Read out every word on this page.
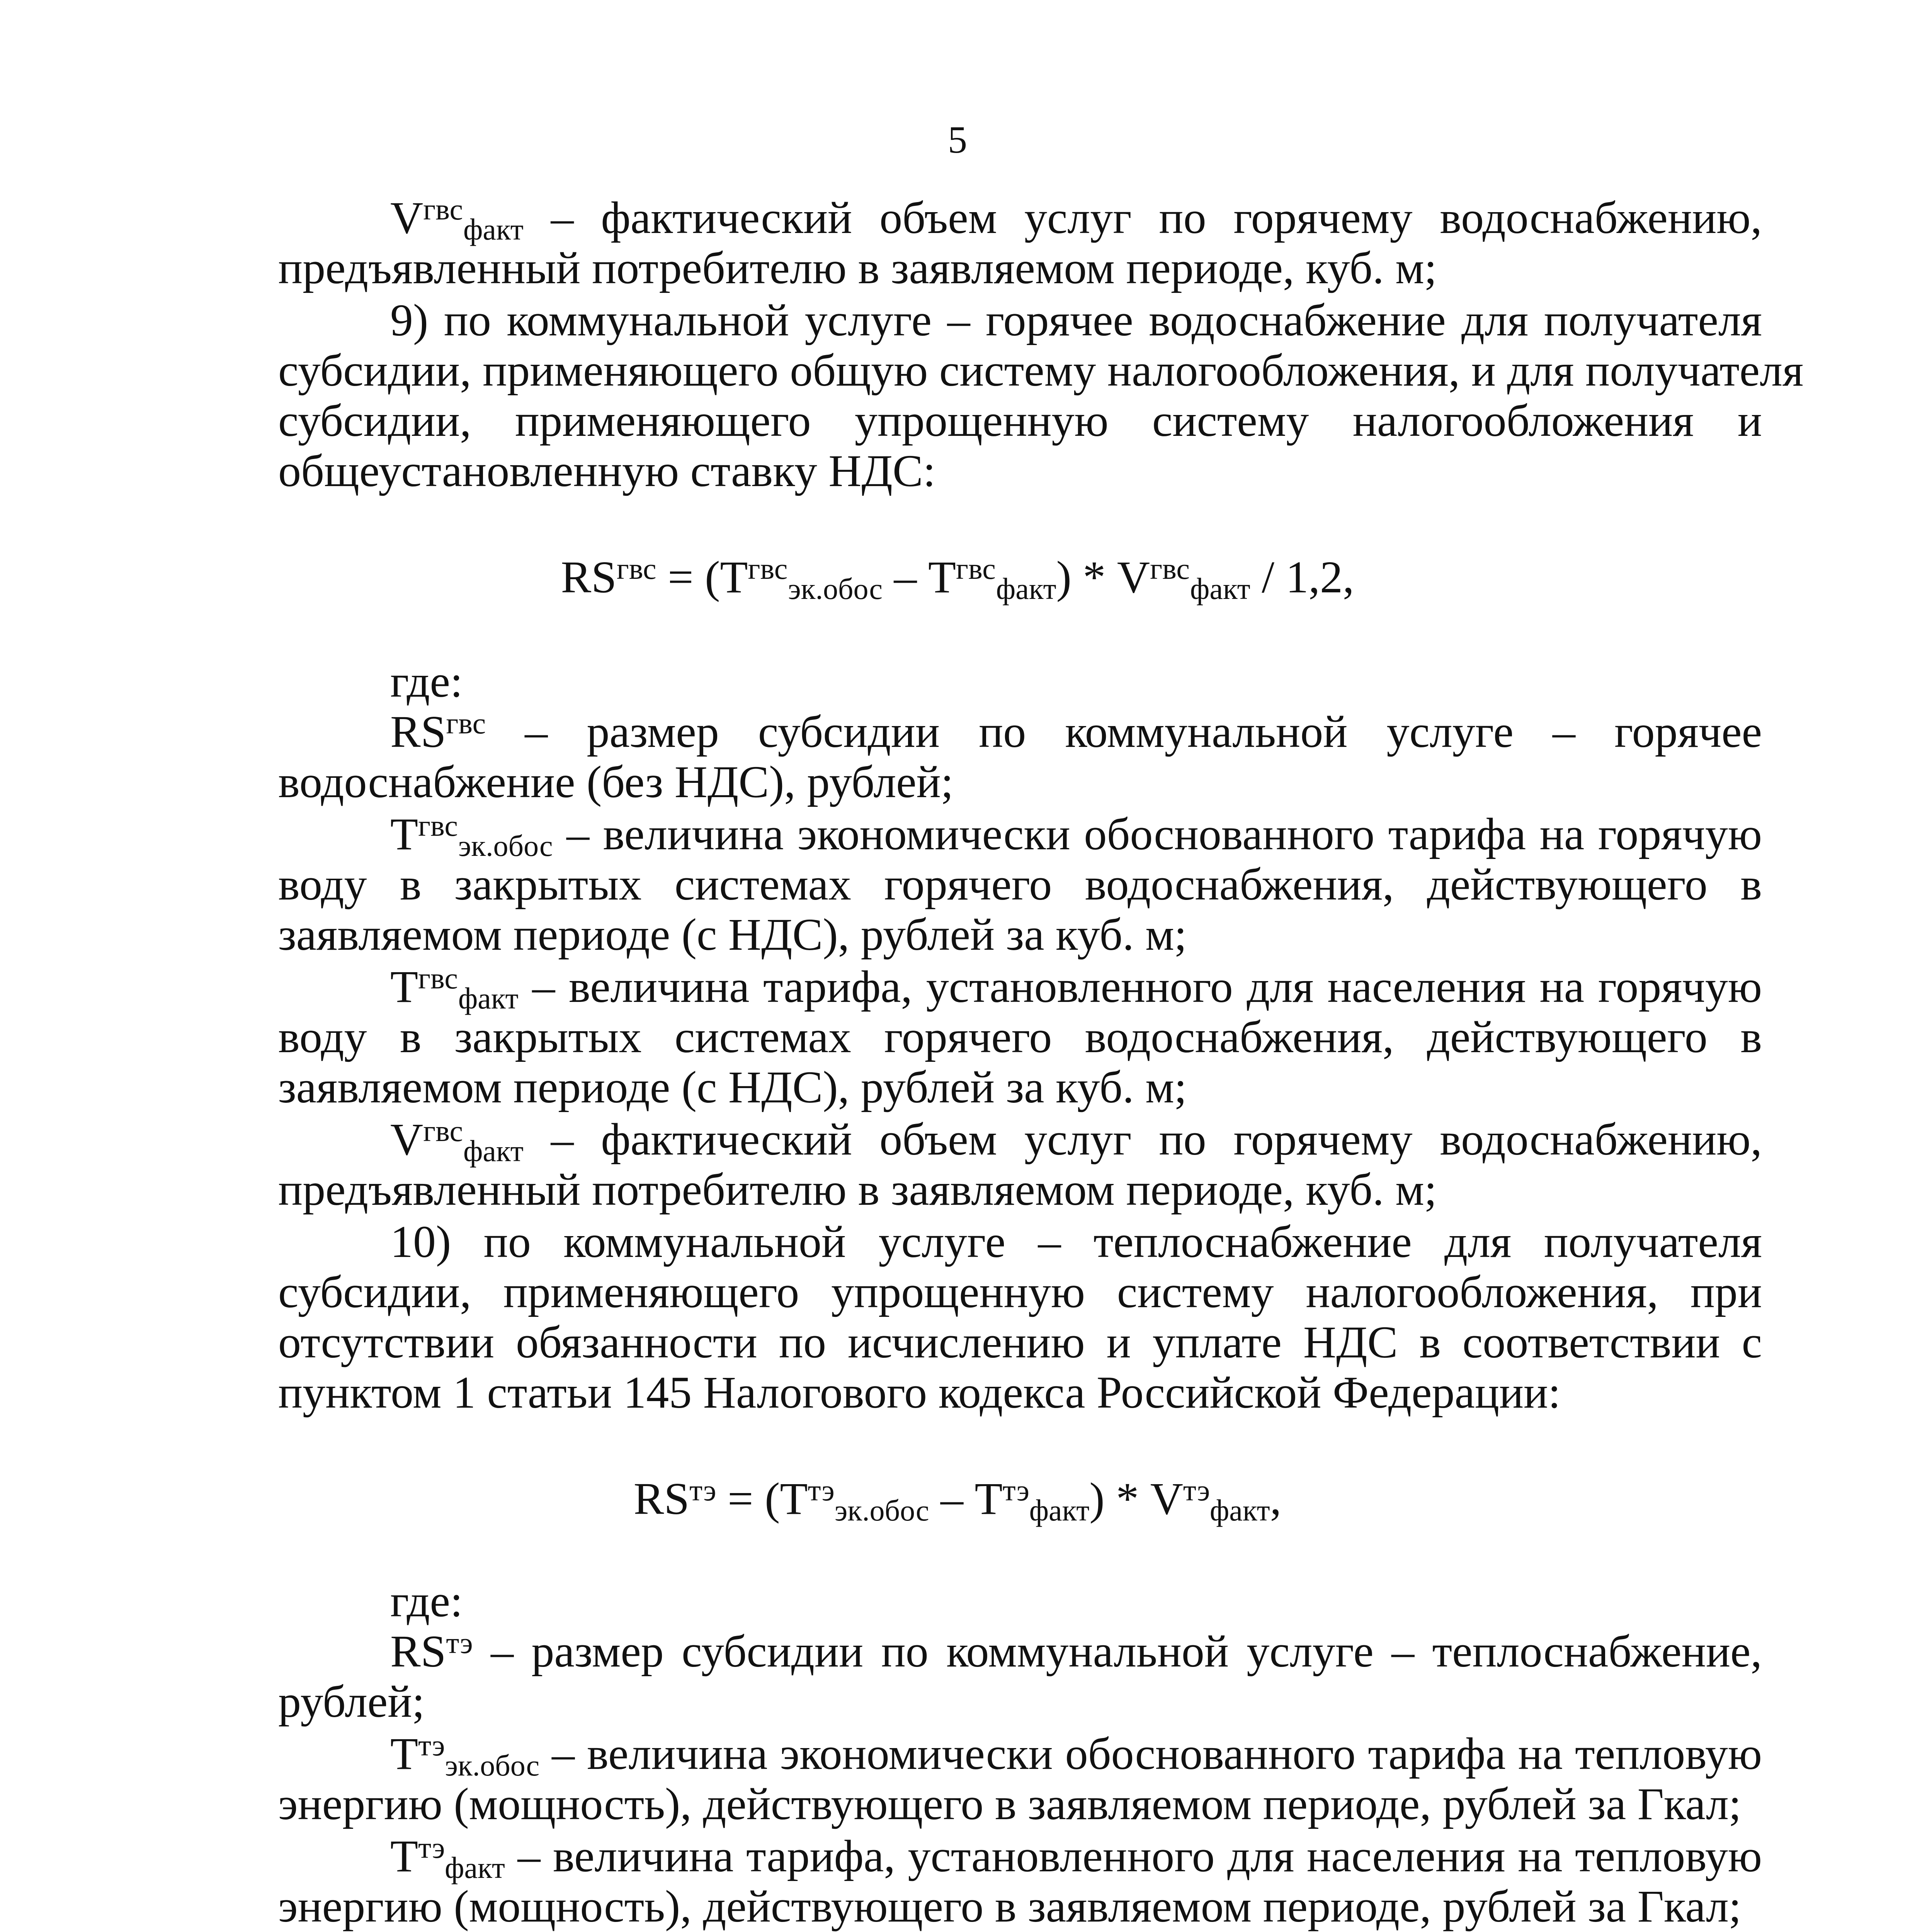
5
$V^{гвс}_{факт}$ – фактический объем услуг по горячему водоснабжению,
предъявленный потребителю в заявляемом периоде, куб. м;
9) по коммунальной услуге – горячее водоснабжение для получателя
субсидии, применяющего общую систему налогообложения, и для получателя
субсидии, применяющего упрощенную систему налогообложения и
общеустановленную ставку НДС:
$RS^{гвс} = (Т^{гвс}_{эк.обос} - Т^{гвс}_{факт}) * V^{гвс}_{факт} / 1,2$,
где:
$RS^{гвс}$ – размер субсидии по коммунальной услуге – горячее
водоснабжение (без НДС), рублей;
$Т^{гвс}_{эк.обос}$ – величина экономически обоснованного тарифа на горячую
воду в закрытых системах горячего водоснабжения, действующего в
заявляемом периоде (с НДС), рублей за куб. м;
$Т^{гвс}_{факт}$ – величина тарифа, установленного для населения на горячую
воду в закрытых системах горячего водоснабжения, действующего в
заявляемом периоде (с НДС), рублей за куб. м;
$V^{гвс}_{факт}$ – фактический объем услуг по горячему водоснабжению,
предъявленный потребителю в заявляемом периоде, куб. м;
10) по коммунальной услуге – теплоснабжение для получателя
субсидии, применяющего упрощенную систему налогообложения, при
отсутствии обязанности по исчислению и уплате НДС в соответствии с
пунктом 1 статьи 145 Налогового кодекса Российской Федерации:
$RS^{тэ} = (Т^{тэ}_{эк.обос} - Т^{тэ}_{факт}) * V^{тэ}_{факт}$,
где:
$RS^{тэ}$ – размер субсидии по коммунальной услуге – теплоснабжение,
рублей;
$Т^{тэ}_{эк.обос}$ – величина экономически обоснованного тарифа на тепловую
энергию (мощность), действующего в заявляемом периоде, рублей за Гкал;
$Т^{тэ}_{факт}$ – величина тарифа, установленного для населения на тепловую
энергию (мощность), действующего в заявляемом периоде, рублей за Гкал;
